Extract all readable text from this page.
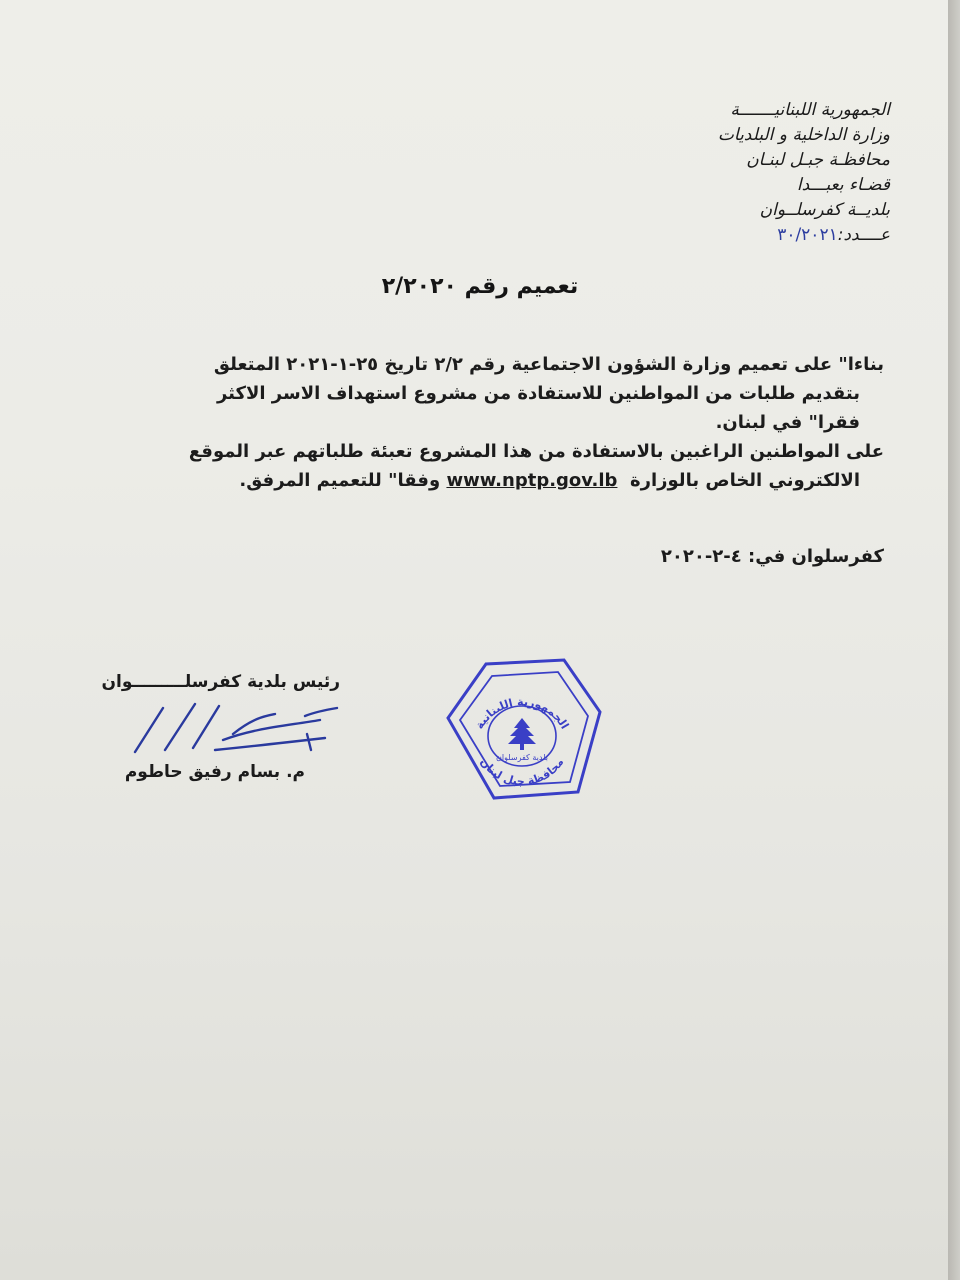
الجمهورية اللبنانيـــــــة
وزارة الداخلية و البلديات
محافظـة جبـل لبنـان
قضـاء بعبـــدا
بلديــة كفرسلــوان
عــــدد:٣٠/٢٠٢١
تعميم رقم ٢/٢٠٢٠
بناءا" على تعميم وزارة الشؤون الاجتماعية رقم ٢/٢ تاريخ ٢٥-١-٢٠٢١ المتعلق
بتقديم طلبات من المواطنين للاستفادة من مشروع استهداف الاسر الاكثر
فقرا" في لبنان.
على المواطنين الراغبين بالاستفادة من هذا المشروع تعبئة طلباتهم عبر الموقع
الالكتروني الخاص بالوزارة  www.nptp.gov.lb وفقا" للتعميم المرفق.
كفرسلوان في: ٤-٢-٢٠٢٠
رئيس بلدية كفرسلـــــــــوان
م. بسام رفيق حاطوم
الجمهورية اللبنانية
بلدية كفرسلوان
محافظة جبل لبنان
